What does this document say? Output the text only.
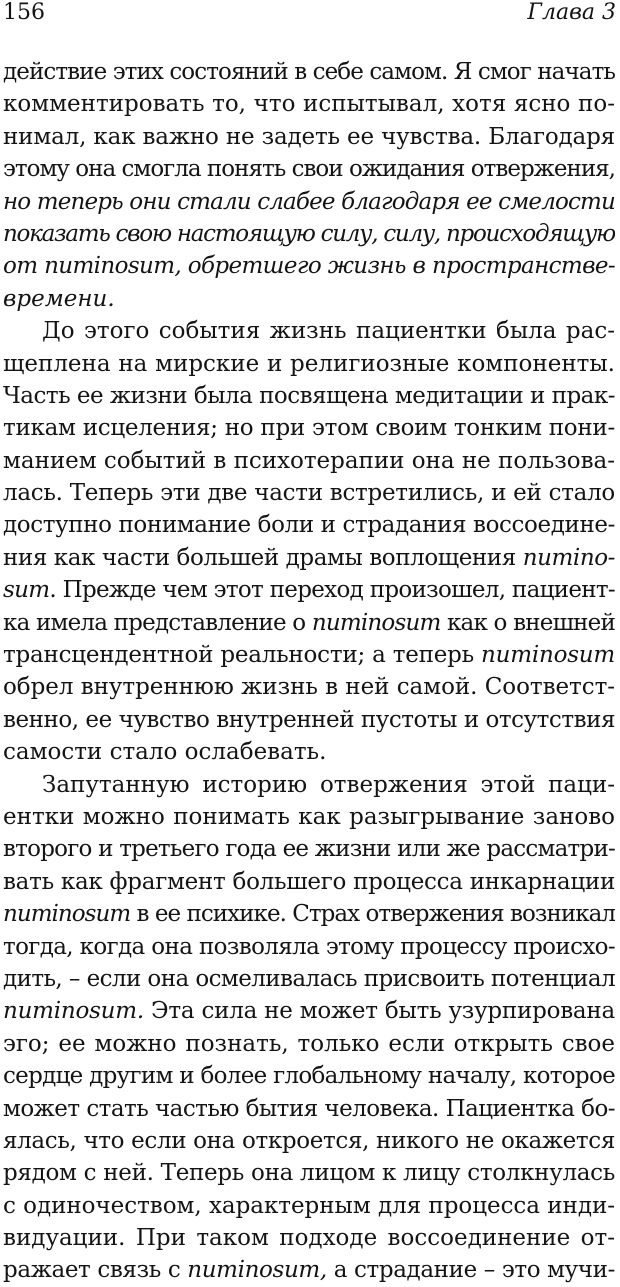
156	Глава 3
действие этих состояний в себе самом. Я смог начать
комментировать то, что испытывал, хотя ясно по-
нимал, как важно не задеть ее чувства. Благодаря
этому она смогла понять свои ожидания отвержения,
но теперь они стали слабее благодаря ее смелости
показать свою настоящую силу, силу, происходящую
от numinosum, обретшего жизнь в пространстве-
времени.
До этого события жизнь пациентки была рас-
щеплена на мирские и религиозные компоненты.
Часть ее жизни была посвящена медитации и прак-
тикам исцеления; но при этом своим тонким пони-
манием событий в психотерапии она не пользова-
лась. Теперь эти две части встретились, и ей стало
доступно понимание боли и страдания воссоедине-
ния как части большей драмы воплощения numino-
sum. Прежде чем этот переход произошел, пациент-
ка имела представление о numinosum как о внешней
трансцендентной реальности; а теперь numinosum
обрел внутреннюю жизнь в ней самой. Соответст-
венно, ее чувство внутренней пустоты и отсутствия
самости стало ослабевать.
Запутанную историю отвержения этой паци-
ентки можно понимать как разыгрывание заново
второго и третьего года ее жизни или же рассматри-
вать как фрагмент большего процесса инкарнации
numinosum в ее психике. Страх отвержения возникал
тогда, когда она позволяла этому процессу происхо-
дить, – если она осмеливалась присвоить потенциал
numinosum. Эта сила не может быть узурпирована
эго; ее можно познать, только если открыть свое
сердце другим и более глобальному началу, которое
может стать частью бытия человека. Пациентка бо-
ялась, что если она откроется, никого не окажется
рядом с ней. Теперь она лицом к лицу столкнулась
с одиночеством, характерным для процесса инди-
видуации. При таком подходе воссоединение от-
ражает связь с numinosum, а страдание – это мучи-
